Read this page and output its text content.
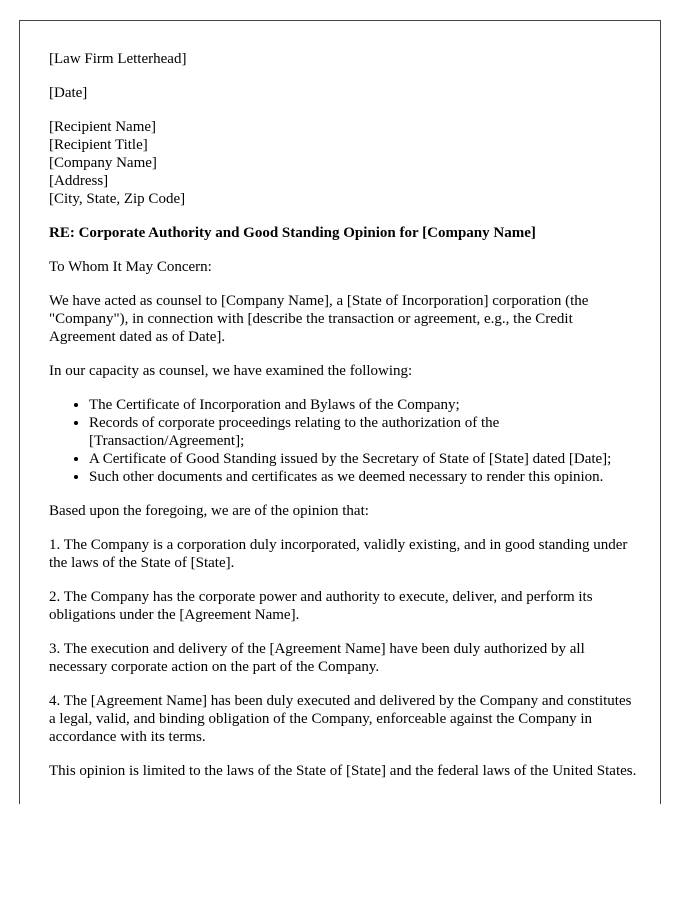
[Law Firm Letterhead]

[Date]

[Recipient Name]
[Recipient Title]
[Company Name]
[Address]
[City, State, Zip Code]

RE: Corporate Authority and Good Standing Opinion for [Company Name]

To Whom It May Concern:

We have acted as counsel to [Company Name], a [State of Incorporation] corporation (the "Company"), in connection with [describe the transaction or agreement, e.g., the Credit Agreement dated as of Date].

In our capacity as counsel, we have examined the following:

• The Certificate of Incorporation and Bylaws of the Company;
• Records of corporate proceedings relating to the authorization of the [Transaction/Agreement];
• A Certificate of Good Standing issued by the Secretary of State of [State] dated [Date];
• Such other documents and certificates as we deemed necessary to render this opinion.

Based upon the foregoing, we are of the opinion that:

1. The Company is a corporation duly incorporated, validly existing, and in good standing under the laws of the State of [State].

2. The Company has the corporate power and authority to execute, deliver, and perform its obligations under the [Agreement Name].

3. The execution and delivery of the [Agreement Name] have been duly authorized by all necessary corporate action on the part of the Company.

4. The [Agreement Name] has been duly executed and delivered by the Company and constitutes a legal, valid, and binding obligation of the Company, enforceable against the Company in accordance with its terms.

This opinion is limited to the laws of the State of [State] and the federal laws of the United States.
